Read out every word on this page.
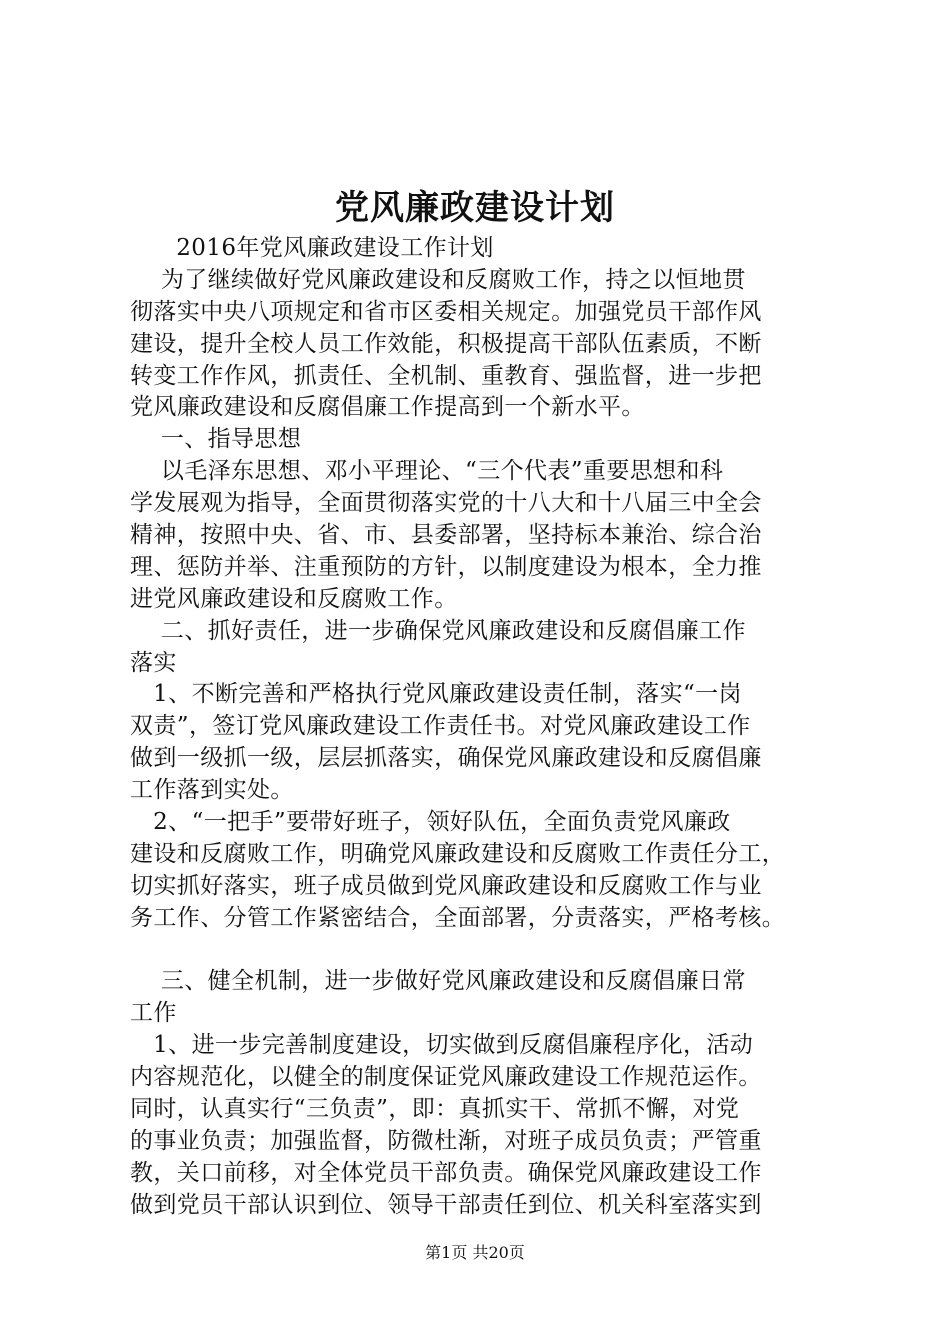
党风廉政建设计划
2016年党风廉政建设工作计划
为了继续做好党风廉政建设和反腐败工作，持之以恒地贯
彻落实中央八项规定和省市区委相关规定。加强党员干部作风
建设，提升全校人员工作效能，积极提高干部队伍素质，不断
转变工作作风，抓责任、全机制、重教育、强监督，进一步把
党风廉政建设和反腐倡廉工作提高到一个新水平。
一、指导思想
以毛泽东思想、邓小平理论、“三个代表”重要思想和科
学发展观为指导，全面贯彻落实党的十八大和十八届三中全会
精神，按照中央、省、市、县委部署，坚持标本兼治、综合治
理、惩防并举、注重预防的方针，以制度建设为根本，全力推
进党风廉政建设和反腐败工作。
二、抓好责任，进一步确保党风廉政建设和反腐倡廉工作
落实
1、不断完善和严格执行党风廉政建设责任制，落实“一岗
双责”，签订党风廉政建设工作责任书。对党风廉政建设工作
做到一级抓一级，层层抓落实，确保党风廉政建设和反腐倡廉
工作落到实处。
2、“一把手”要带好班子，领好队伍，全面负责党风廉政
建设和反腐败工作，明确党风廉政建设和反腐败工作责任分工，
切实抓好落实，班子成员做到党风廉政建设和反腐败工作与业
务工作、分管工作紧密结合，全面部署，分责落实，严格考核。
三、健全机制，进一步做好党风廉政建设和反腐倡廉日常
工作
1、进一步完善制度建设，切实做到反腐倡廉程序化，活动
内容规范化，以健全的制度保证党风廉政建设工作规范运作。
同时，认真实行“三负责”，即：真抓实干、常抓不懈，对党
的事业负责；加强监督，防微杜渐，对班子成员负责；严管重
教，关口前移，对全体党员干部负责。确保党风廉政建设工作
做到党员干部认识到位、领导干部责任到位、机关科室落实到
第1页 共20页
